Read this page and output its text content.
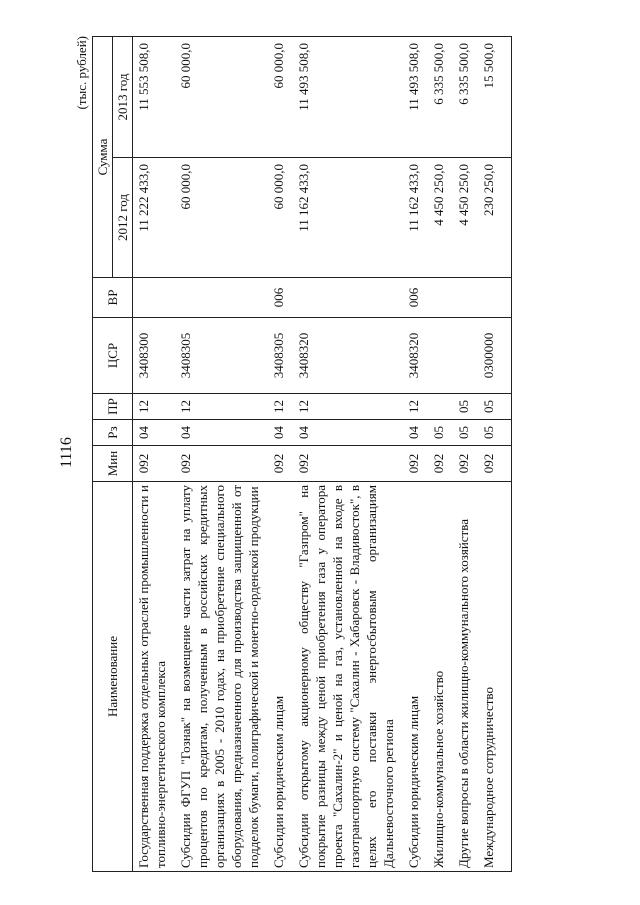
1116
(тыс. рублей)
Наименование	Мин	Рз	ПР	ЦСР	ВР	Сумма	
						2012 год	2013 год
Государственная поддержка отдельных отраслей промышленности и топливно-энергетического комплекса	092	04	12	3408300		11 222 433,0	11 553 508,0
Субсидии ФГУП "Гознак" на возмещение части затрат на уплату процентов по кредитам, полученным в российских кредитных организациях в 2005 - 2010 годах, на приобретение специального оборудования, предназначенного для производства защищенной от подделок бумаги, полиграфической и монетно-орденской продукции	092	04	12	3408305		60 000,0	60 000,0
Субсидии юридическим лицам	092	04	12	3408305	006	60 000,0	60 000,0
Субсидии открытому акционерному обществу "Газпром" на покрытие разницы между ценой приобретения газа у оператора проекта "Сахалин-2" и ценой на газ, установленной на входе в газотранспортную систему "Сахалин - Хабаровск - Владивосток", в целях его поставки энергосбытовым организациям Дальневосточного региона	092	04	12	3408320		11 162 433,0	11 493 508,0
Субсидии юридическим лицам	092	04	12	3408320	006	11 162 433,0	11 493 508,0
Жилищно-коммунальное хозяйство	092	05				4 450 250,0	6 335 500,0
Другие вопросы в области жилищно-коммунального хозяйства	092	05	05			4 450 250,0	6 335 500,0
Международное сотрудничество	092	05	05	0300000		230 250,0	15 500,0
